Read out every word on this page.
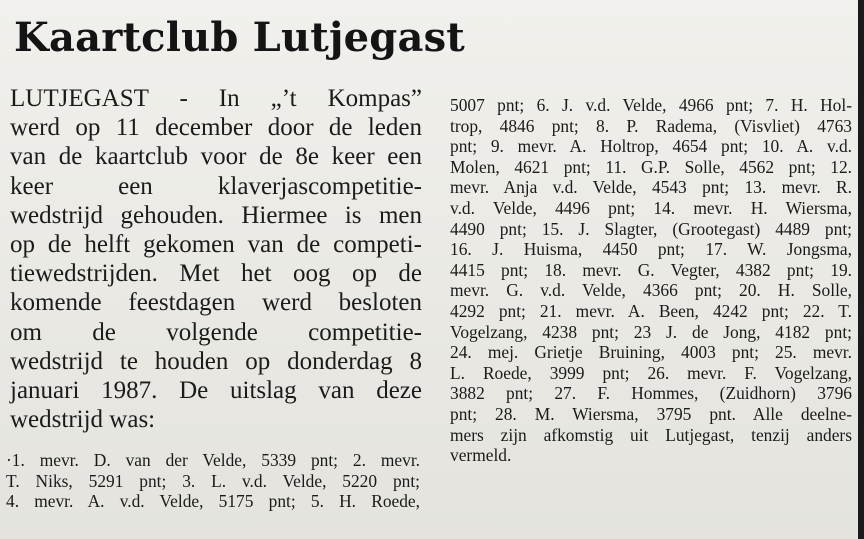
Kaartclub Lutjegast
LUTJEGAST - In „’t Kompas”
werd op 11 december door de leden
van de kaartclub voor de 8e keer een
keer een klaverjascompetitie-
wedstrijd gehouden. Hiermee is men
op de helft gekomen van de competi-
tiewedstrijden. Met het oog op de
komende feestdagen werd besloten
om de volgende competitie-
wedstrijd te houden op donderdag 8
januari 1987. De uitslag van deze
wedstrijd was:
·1. mevr. D. van der Velde, 5339 pnt; 2. mevr.
T. Niks, 5291 pnt; 3. L. v.d. Velde, 5220 pnt;
4. mevr. A. v.d. Velde, 5175 pnt; 5. H. Roede,
5007 pnt; 6. J. v.d. Velde, 4966 pnt; 7. H. Hol-
trop, 4846 pnt; 8. P. Radema, (Visvliet) 4763
pnt; 9. mevr. A. Holtrop, 4654 pnt; 10. A. v.d.
Molen, 4621 pnt; 11. G.P. Solle, 4562 pnt; 12.
mevr. Anja v.d. Velde, 4543 pnt; 13. mevr. R.
v.d. Velde, 4496 pnt; 14. mevr. H. Wiersma,
4490 pnt; 15. J. Slagter, (Grootegast) 4489 pnt;
16. J. Huisma, 4450 pnt; 17. W. Jongsma,
4415 pnt; 18. mevr. G. Vegter, 4382 pnt; 19.
mevr. G. v.d. Velde, 4366 pnt; 20. H. Solle,
4292 pnt; 21. mevr. A. Been, 4242 pnt; 22. T.
Vogelzang, 4238 pnt; 23 J. de Jong, 4182 pnt;
24. mej. Grietje Bruining, 4003 pnt; 25. mevr.
L. Roede, 3999 pnt; 26. mevr. F. Vogelzang,
3882 pnt; 27. F. Hommes, (Zuidhorn) 3796
pnt; 28. M. Wiersma, 3795 pnt. Alle deelne-
mers zijn afkomstig uit Lutjegast, tenzij anders
vermeld.
